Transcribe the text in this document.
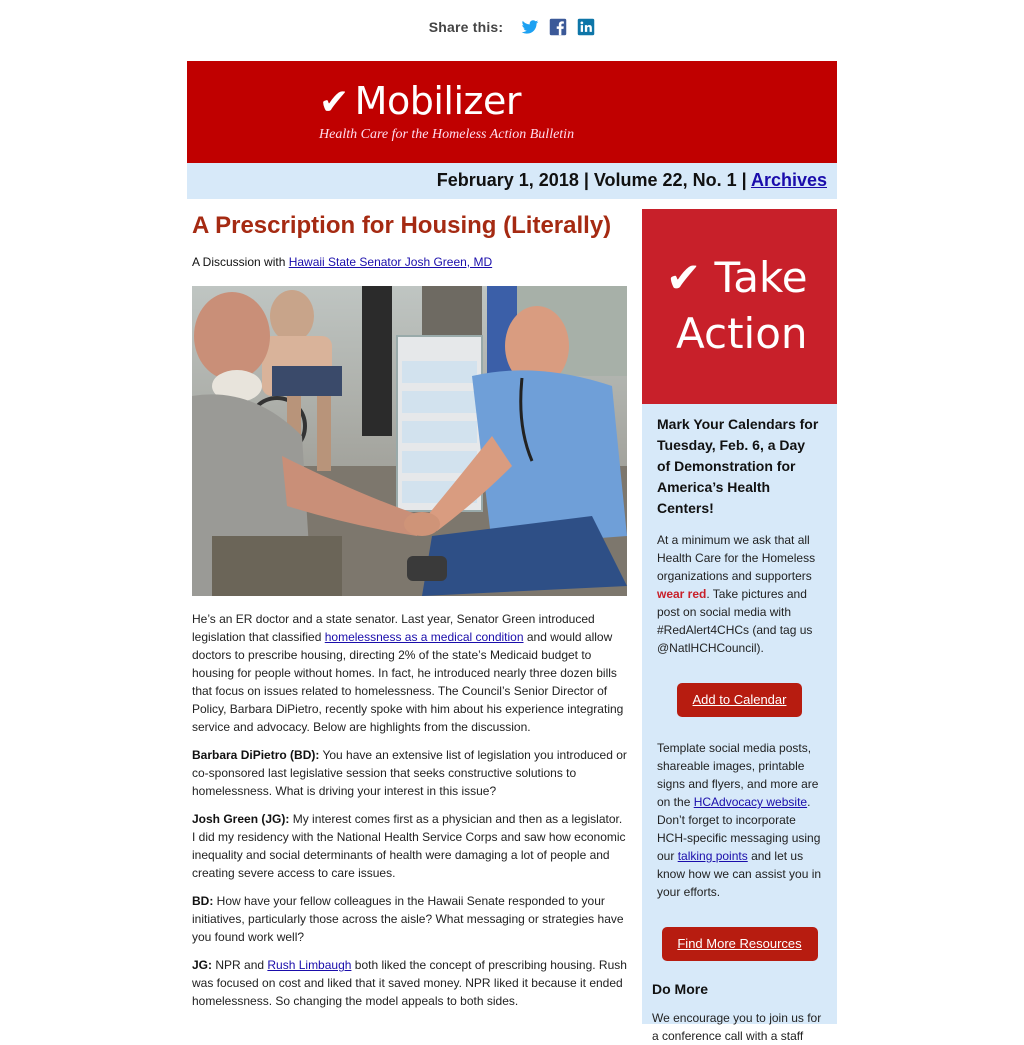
Share this:
✔ Mobilizer
Health Care for the Homeless Action Bulletin
February 1, 2018 | Volume 22, No. 1 | Archives
A Prescription for Housing (Literally)
A Discussion with Hawaii State Senator Josh Green, MD

He’s an ER doctor and a state senator. Last year, Senator Green introduced legislation that classified homelessness as a medical condition and would allow doctors to prescribe housing, directing 2% of the state’s Medicaid budget to housing for people without homes. In fact, he introduced nearly three dozen bills that focus on issues related to homelessness. The Council’s Senior Director of Policy, Barbara DiPietro, recently spoke with him about his experience integrating service and advocacy. Below are highlights from the discussion.

Barbara DiPietro (BD): You have an extensive list of legislation you introduced or co-sponsored last legislative session that seeks constructive solutions to homelessness. What is driving your interest in this issue?

Josh Green (JG): My interest comes first as a physician and then as a legislator. I did my residency with the National Health Service Corps and saw how economic inequality and social determinants of health were damaging a lot of people and creating severe access to care issues.

BD: How have your fellow colleagues in the Hawaii Senate responded to your initiatives, particularly those across the aisle? What messaging or strategies have you found work well?

JG: NPR and Rush Limbaugh both liked the concept of prescribing housing. Rush was focused on cost and liked that it saved money. NPR liked it because it ended homelessness. So changing the model appeals to both sides.

✔ Take
Action
Mark Your Calendars for Tuesday, Feb. 6, a Day of Demonstration for America’s Health Centers!
At a minimum we ask that all Health Care for the Homeless organizations and supporters wear red. Take pictures and post on social media with #RedAlert4CHCs (and tag us @NatlHCHCouncil).
Add to Calendar
Template social media posts, shareable images, printable signs and flyers, and more are on the HCAdvocacy website. Don’t forget to incorporate HCH-specific messaging using our talking points and let us know how we can assist you in your efforts.
Find More Resources
Do More
We encourage you to join us for a conference call with a staff
